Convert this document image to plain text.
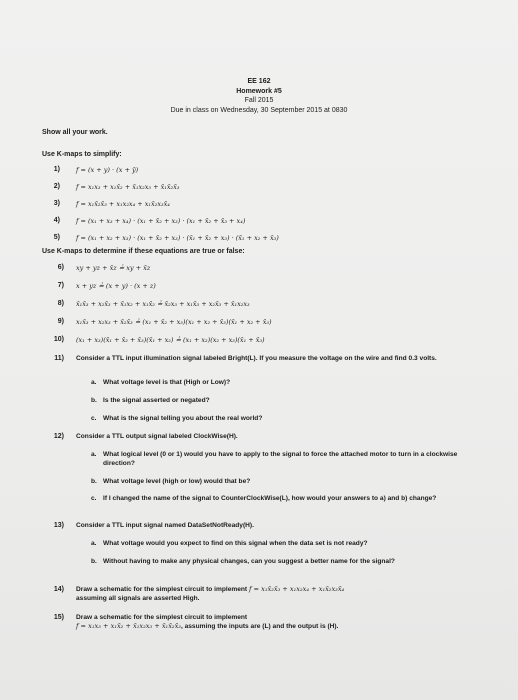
EE 162
Homework #5
Fall 2015
Due in class on Wednesday, 30 September 2015 at 0830
Show all your work.
Use K-maps to simplify:
1) f = (x + y) · (x + ȳ)
2) f = x₁x₃ + x₁x̄₂ + x̄₁x₂x₃ + x̄₁x̄₂x̄₃
3) f = x₁x̄₂x̄₃ + x₁x₂x₄ + x₁x̄₂x₃x̄₄
4) f = (x₁ + x₃ + x₄) · (x₁ + x̄₂ + x₃) · (x₁ + x̄₂ + x̄₃ + x₄)
5) f = (x₁ + x₂ + x₃) · (x₁ + x̄₂ + x₃) · (x̄₁ + x̄₂ + x₃) · (x̄₁ + x₂ + x̄₃)
Use K-maps to determine if these equations are true or false:
6) xy + yz + x̄z ≟ xy + x̄z
7) x + yz ≟ (x + y) · (x + z)
8) x̄₁x̄₃ + x₂x̄₃ + x̄₁x₂ + x₁x̄₂ ≟ x̄₂x₃ + x₁x̄₃ + x₂x̄₃ + x̄₁x₂x₃
9) x₁x̄₃ + x₂x₃ + x̄₂x̄₃ ≟ (x₁ + x̄₂ + x₃)(x₁ + x₂ + x̄₃)(x̄₁ + x₂ + x̄₃)
10) (x₁ + x₃)(x̄₁ + x̄₂ + x̄₃)(x̄₁ + x₂) ≟ (x₁ + x₂)(x₂ + x₃)(x̄₁ + x̄₃)
11) Consider a TTL input illumination signal labeled Bright(L). If you measure the voltage on the wire and find 0.3 volts.
a. What voltage level is that (High or Low)?
b. Is the signal asserted or negated?
c. What is the signal telling you about the real world?
12) Consider a TTL output signal labeled ClockWise(H).
a. What logical level (0 or 1) would you have to apply to the signal to force the attached motor to turn in a clockwise direction?
b. What voltage level (high or low) would that be?
c. If I changed the name of the signal to CounterClockWise(L), how would your answers to a) and b) change?
13) Consider a TTL input signal named DataSetNotReady(H).
a. What voltage would you expect to find on this signal when the data set is not ready?
b. Without having to make any physical changes, can you suggest a better name for the signal?
14) Draw a schematic for the simplest circuit to implement f = x₁x̄₂x̄₃ + x₁x₂x₄ + x₁x̄₂x₃x̄₄
assuming all signals are asserted High.
15) Draw a schematic for the simplest circuit to implement
f = x₁x₃ + x₁x̄₂ + x̄₁x₂x₃ + x̄₁x̄₂x̄₃, assuming the inputs are (L) and the output is (H).
